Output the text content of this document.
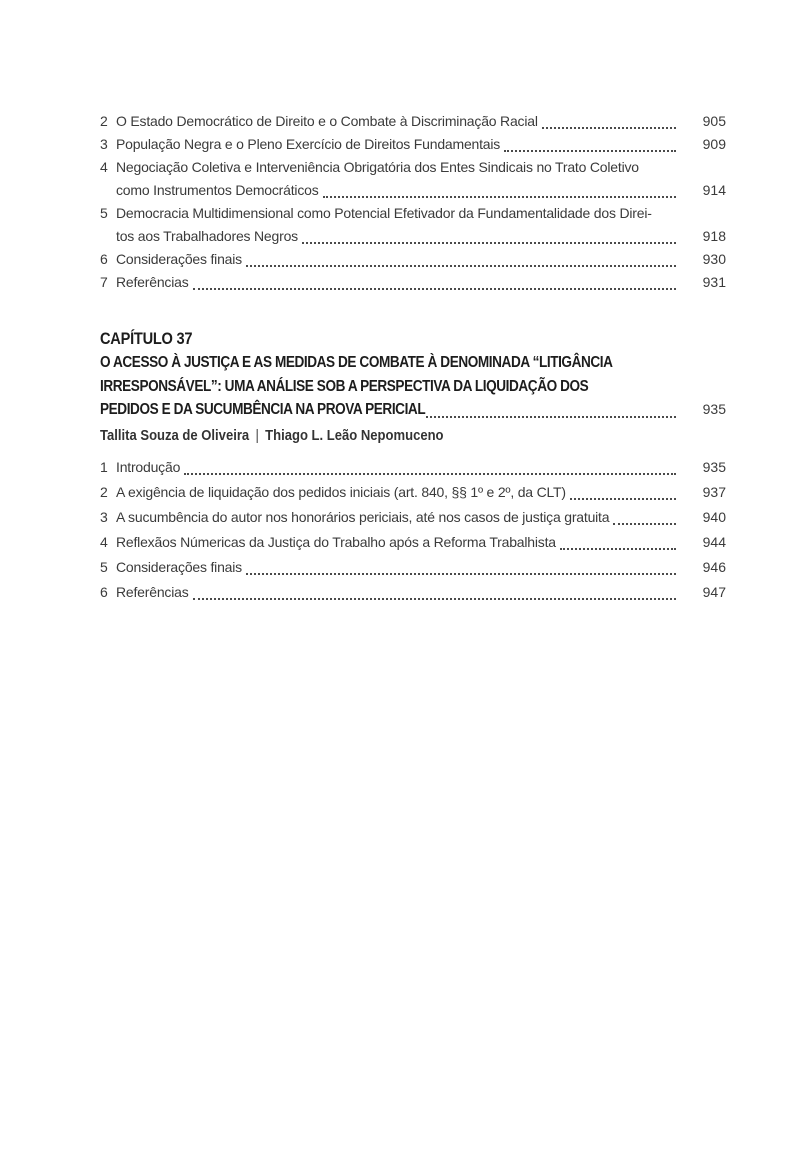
2 O Estado Democrático de Direito e o Combate à Discriminação Racial	905
3 População Negra e o Pleno Exercício de Direitos Fundamentais	909
4 Negociação Coletiva e Interveniência Obrigatória dos Entes Sindicais no Trato Coletivo
como Instrumentos Democráticos	914
5 Democracia Multidimensional como Potencial Efetivador da Fundamentalidade dos Direi-
tos aos Trabalhadores Negros	918
6 Considerações finais	930
7 Referências	931
CAPÍTULO 37
O ACESSO À JUSTIÇA E AS MEDIDAS DE COMBATE À DENOMINADA “LITIGÂNCIA
IRRESPONSÁVEL”: UMA ANÁLISE SOB A PERSPECTIVA DA LIQUIDAÇÃO DOS
PEDIDOS E DA SUCUMBÊNCIA NA PROVA PERICIAL	935
Tallita Souza de Oliveira | Thiago L. Leão Nepomuceno
1 Introdução	935
2 A exigência de liquidação dos pedidos iniciais (art. 840, §§ 1º e 2º, da CLT)	937
3 A sucumbência do autor nos honorários periciais, até nos casos de justiça gratuita	940
4 Reflexãos Númericas da Justiça do Trabalho após a Reforma Trabalhista	944
5 Considerações finais	946
6 Referências	947
